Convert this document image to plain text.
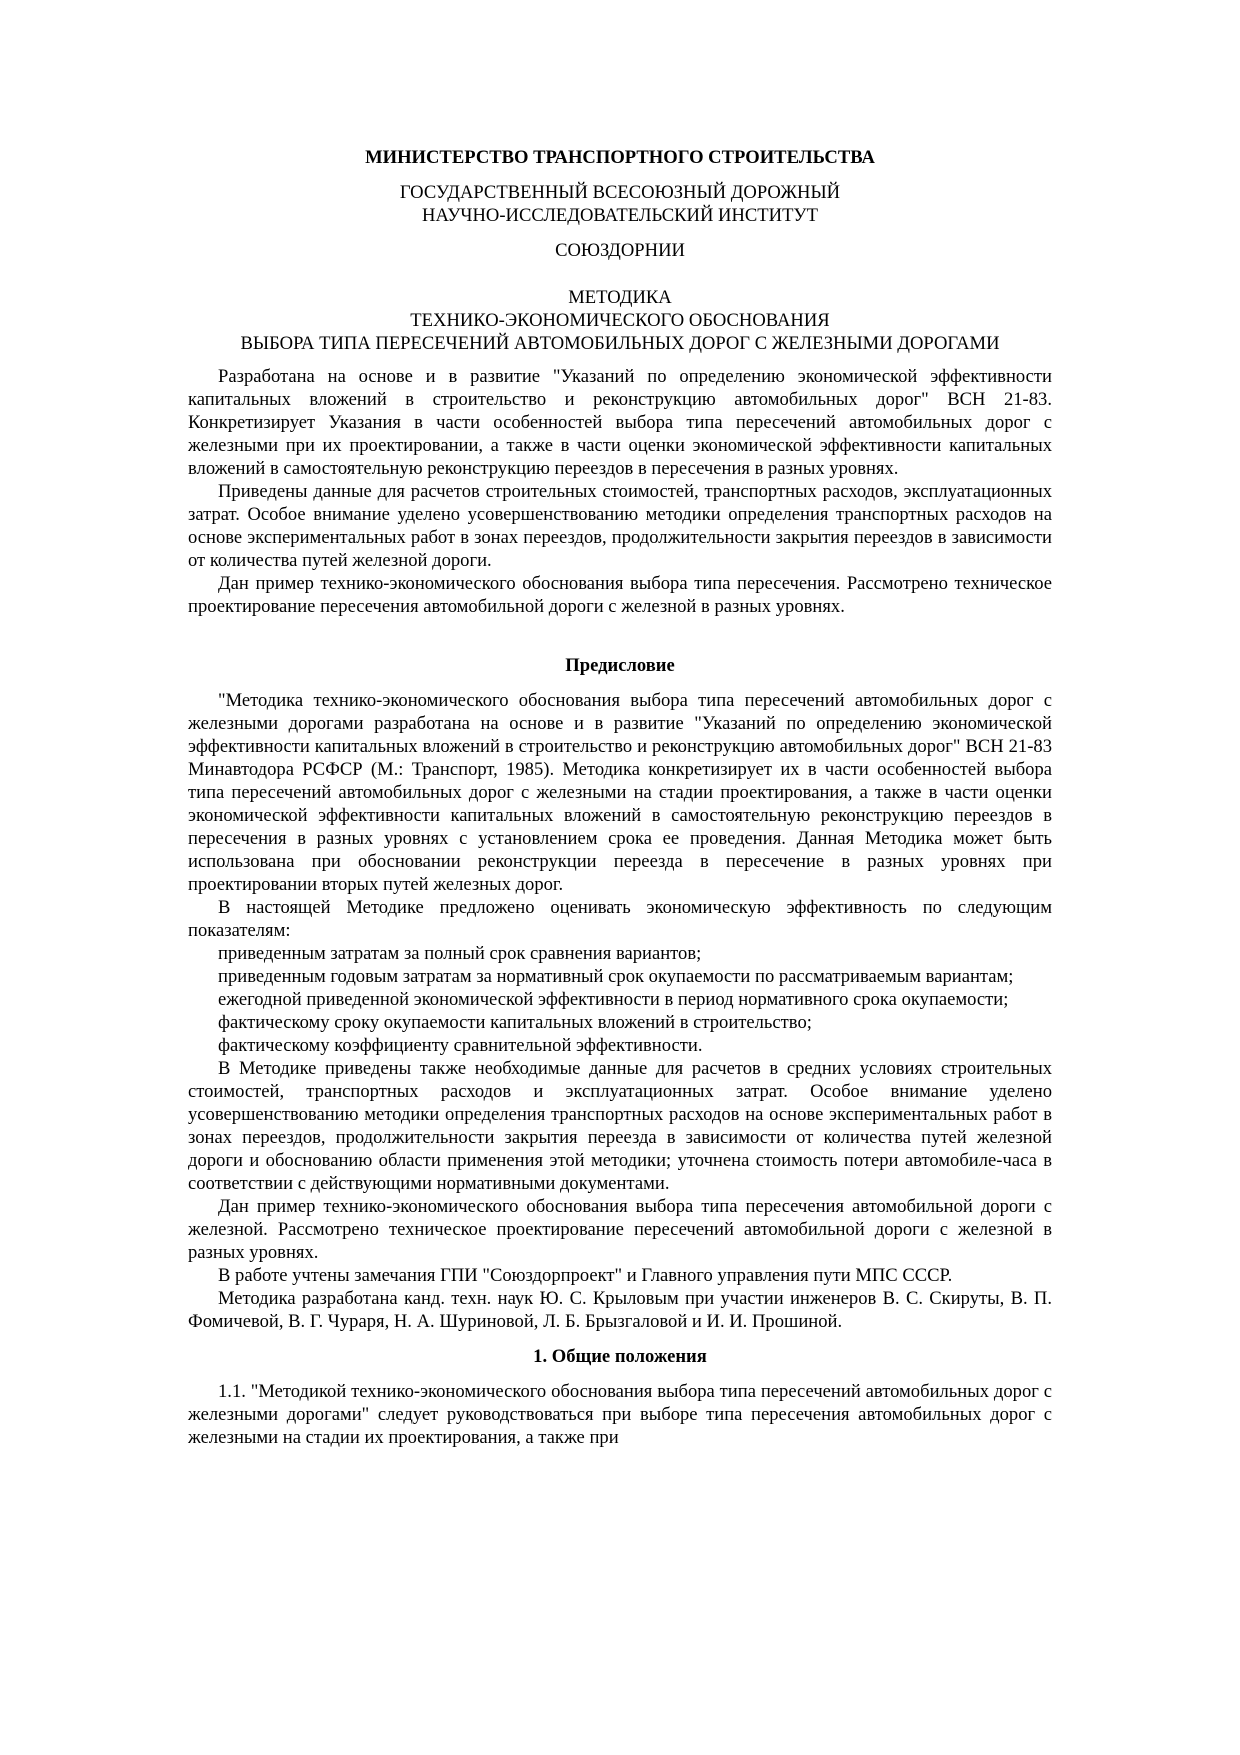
МИНИСТЕРСТВО ТРАНСПОРТНОГО СТРОИТЕЛЬСТВА
ГОСУДАРСТВЕННЫЙ ВСЕСОЮЗНЫЙ ДОРОЖНЫЙ
НАУЧНО-ИССЛЕДОВАТЕЛЬСКИЙ ИНСТИТУТ
СОЮЗДОРНИИ
МЕТОДИКА
ТЕХНИКО-ЭКОНОМИЧЕСКОГО ОБОСНОВАНИЯ
ВЫБОРА ТИПА ПЕРЕСЕЧЕНИЙ АВТОМОБИЛЬНЫХ ДОРОГ С ЖЕЛЕЗНЫМИ ДОРОГАМИ

Разработана на основе и в развитие "Указаний по определению экономической эффективности капитальных вложений в строительство и реконструкцию автомобильных дорог" ВСН 21-83. Конкретизирует Указания в части особенностей выбора типа пересечений автомобильных дорог с железными при их проектировании, а также в части оценки экономической эффективности капитальных вложений в самостоятельную реконструкцию переездов в пересечения в разных уровнях.

Приведены данные для расчетов строительных стоимостей, транспортных расходов, эксплуатационных затрат. Особое внимание уделено усовершенствованию методики определения транспортных расходов на основе экспериментальных работ в зонах переездов, продолжительности закрытия переездов в зависимости от количества путей железной дороги.

Дан пример технико-экономического обоснования выбора типа пересечения. Рассмотрено техническое проектирование пересечения автомобильной дороги с железной в разных уровнях.

Предисловие

"Методика технико-экономического обоснования выбора типа пересечений автомобильных дорог с железными дорогами разработана на основе и в развитие "Указаний по определению экономической эффективности капитальных вложений в строительство и реконструкцию автомобильных дорог" ВСН 21-83 Минавтодора РСФСР (М.: Транспорт, 1985). Методика конкретизирует их в части особенностей выбора типа пересечений автомобильных дорог с железными на стадии проектирования, а также в части оценки экономической эффективности капитальных вложений в самостоятельную реконструкцию переездов в пересечения в разных уровнях с установлением срока ее проведения. Данная Методика может быть использована при обосновании реконструкции переезда в пересечение в разных уровнях при проектировании вторых путей железных дорог.

В настоящей Методике предложено оценивать экономическую эффективность по следующим показателям:

приведенным затратам за полный срок сравнения вариантов;

приведенным годовым затратам за нормативный срок окупаемости по рассматриваемым вариантам;

ежегодной приведенной экономической эффективности в период нормативного срока окупаемости;

фактическому сроку окупаемости капитальных вложений в строительство;

фактическому коэффициенту сравнительной эффективности.

В Методике приведены также необходимые данные для расчетов в средних условиях строительных стоимостей, транспортных расходов и эксплуатационных затрат. Особое внимание уделено усовершенствованию методики определения транспортных расходов на основе экспериментальных работ в зонах переездов, продолжительности закрытия переезда в зависимости от количества путей железной дороги и обоснованию области применения этой методики; уточнена стоимость потери автомобиле-часа в соответствии с действующими нормативными документами.

Дан пример технико-экономического обоснования выбора типа пересечения автомобильной дороги с железной. Рассмотрено техническое проектирование пересечений автомобильной дороги с железной в разных уровнях.

В работе учтены замечания ГПИ "Союздорпроект" и Главного управления пути МПС СССР.

Методика разработана канд. техн. наук Ю. С. Крыловым при участии инженеров В. С. Скируты, В. П. Фомичевой, В. Г. Чураря, Н. А. Шуриновой, Л. Б. Брызгаловой и И. И. Прошиной.

1. Общие положения

1.1. "Методикой технико-экономического обоснования выбора типа пересечений автомобильных дорог с железными дорогами" следует руководствоваться при выборе типа пересечения автомобильных дорог с железными на стадии их проектирования, а также при
